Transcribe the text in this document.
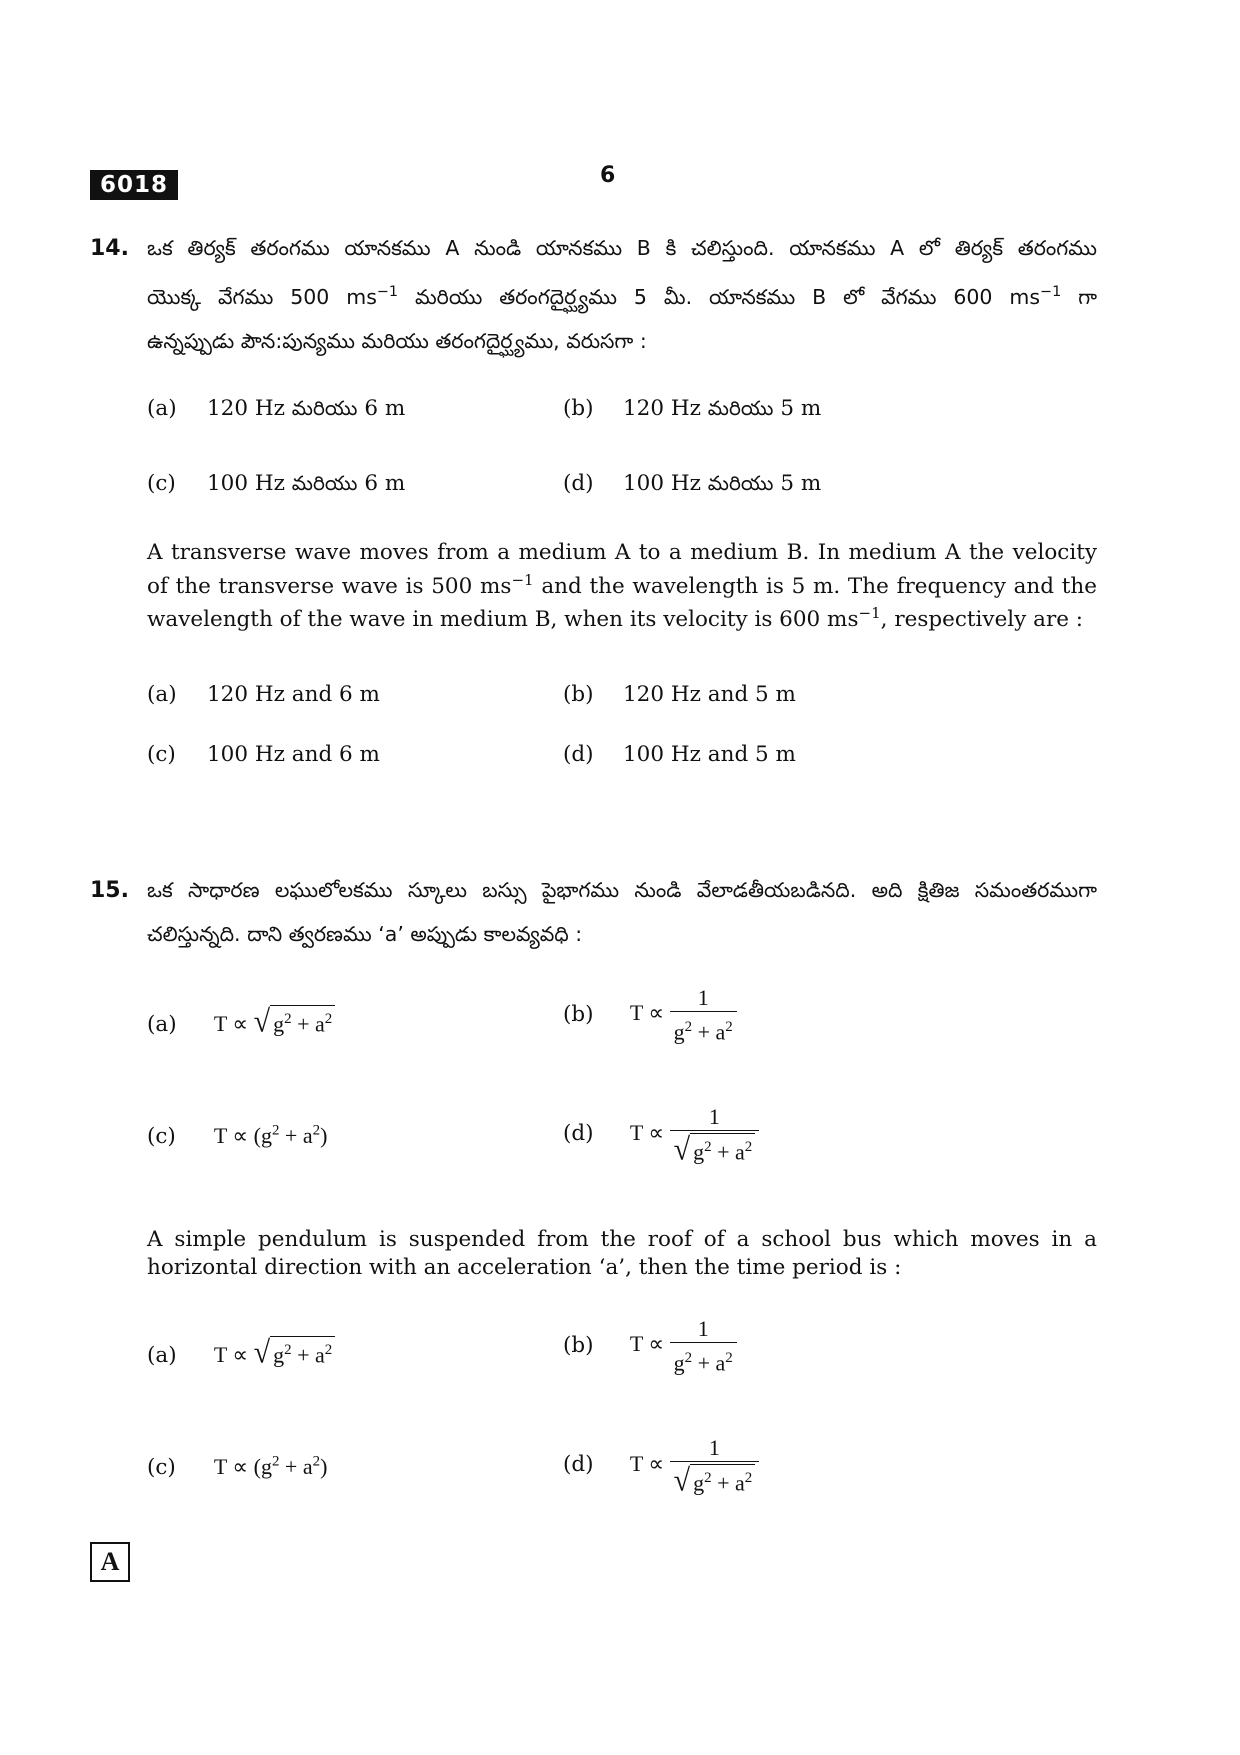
6018	6
14. ఒక తిర్యక్ తరంగము యానకము A నుండి యానకము B కి చలిస్తుంది. యానకము A లో తిర్యక్ తరంగము
యొక్క వేగము 500 $ms^{-1}$ మరియు తరంగదైర్ఘ్యము 5 మీ. యానకము B లో వేగము 600 $ms^{-1}$ గా
ఉన్నప్పుడు పౌన:పున్యము మరియు తరంగదైర్ఘ్యము, వరుసగా :
(a) 120 Hz మరియు 6 m	(b) 120 Hz మరియు 5 m
(c) 100 Hz మరియు 6 m	(d) 100 Hz మరియు 5 m
A transverse wave moves from a medium A to a medium B. In medium A the velocity of the transverse wave is 500 $ms^{-1}$ and the wavelength is 5 m. The frequency and the wavelength of the wave in medium B, when its velocity is 600 $ms^{-1}$, respectively are :
(a) 120 Hz and 6 m	(b) 120 Hz and 5 m
(c) 100 Hz and 6 m	(d) 100 Hz and 5 m
15. ఒక సాధారణ లఘులోలకము స్కూలు బస్సు పైభాగము నుండి వేలాడతీయబడినది. అది క్షితిజ సమంతరముగా
చలిస్తున్నది. దాని త్వరణము ‘a’ అప్పుడు కాలవ్యవధి :
(a) T ∝ √ $g^2 + a^2$	(b) $T \propto \frac{1}{g^2 + a^2}$
(c) $T \propto (g^2 + a^2)$	(d) $T \propto \frac{1}{√ g^2 + a^2}$
A simple pendulum is suspended from the roof of a school bus which moves in a horizontal direction with an acceleration ‘a’, then the time period is :
(a) T ∝ √ $g^2 + a^2$	(b) $T \propto \frac{1}{g^2 + a^2}$
(c) $T \propto (g^2 + a^2)$	(d) $T \propto \frac{1}{√ g^2 + a^2}$
A
